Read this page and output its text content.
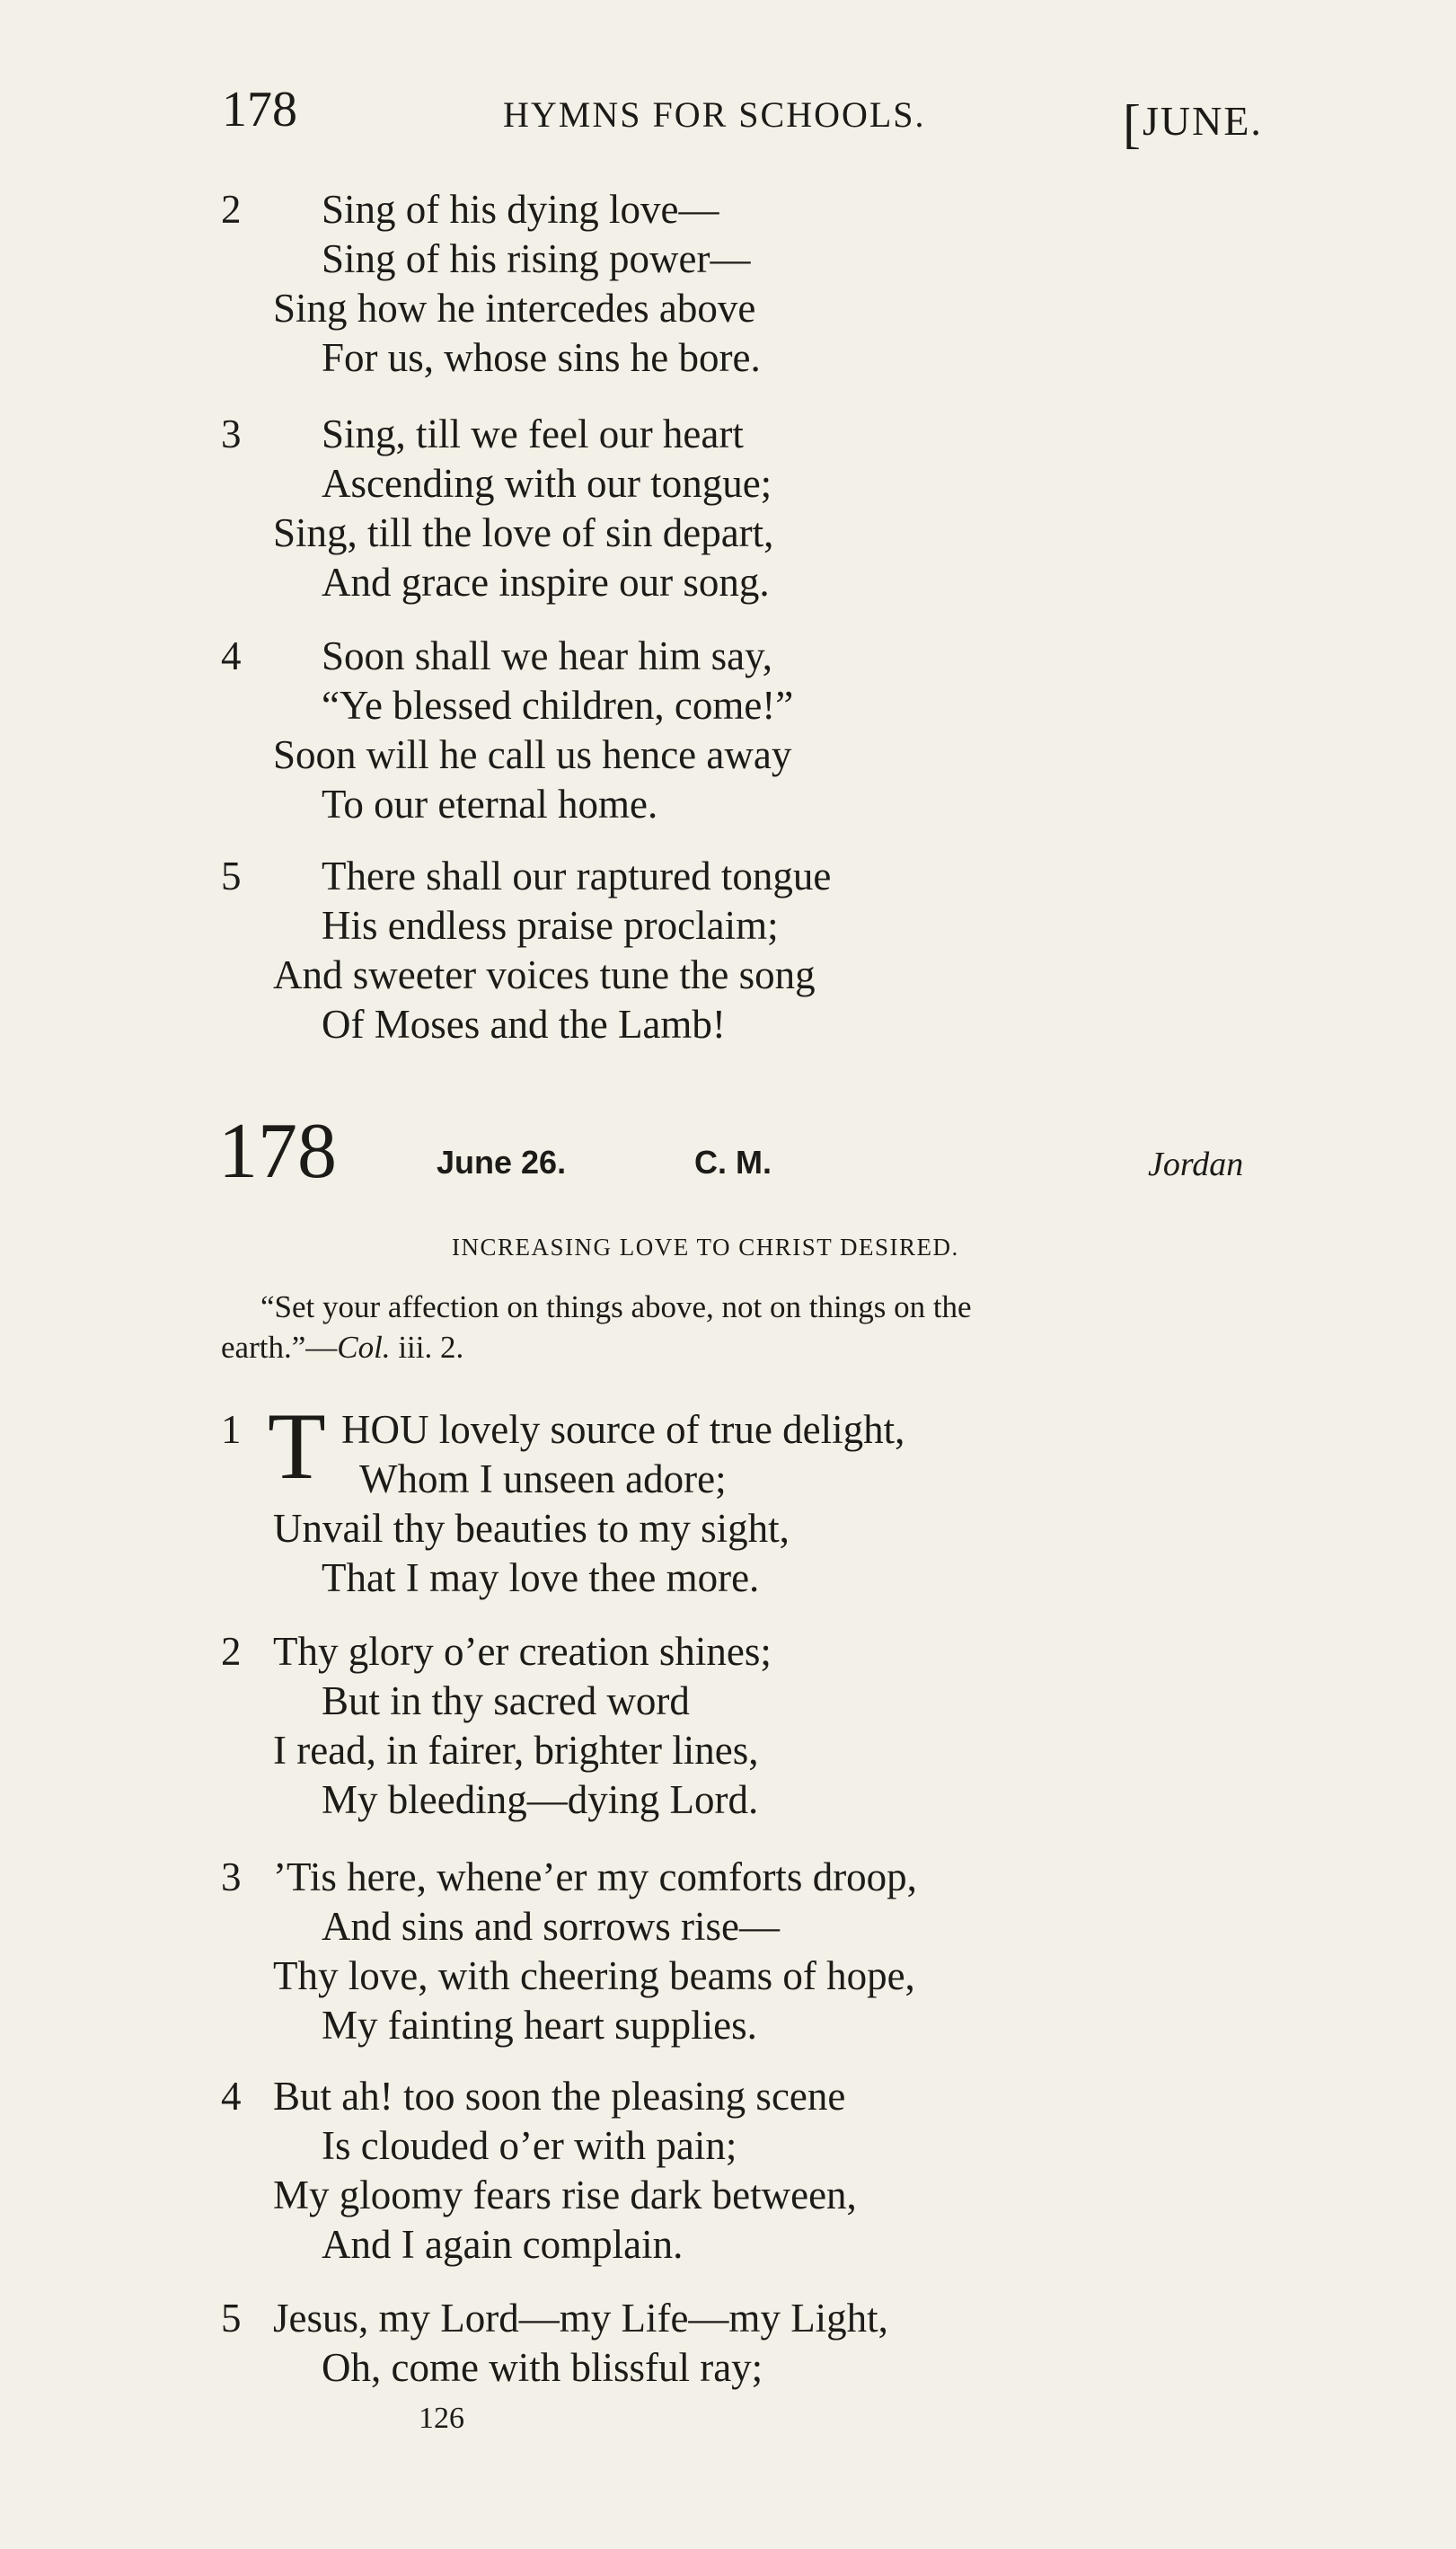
178	HYMNS FOR SCHOOLS.	[JUNE.
2 Sing of his dying love—
Sing of his rising power—
Sing how he intercedes above
For us, whose sins he bore.
3 Sing, till we feel our heart
Ascending with our tongue;
Sing, till the love of sin depart,
And grace inspire our song.
4 Soon shall we hear him say,
“Ye blessed children, come!”
Soon will he call us hence away
To our eternal home.
5 There shall our raptured tongue
His endless praise proclaim;
And sweeter voices tune the song
Of Moses and the Lamb!
178	June 26.	C. M.	Jordan
INCREASING LOVE TO CHRIST DESIRED.
“Set your affection on things above, not on things on the
earth.”—Col. iii. 2.
1 T HOU lovely source of true delight,
Whom I unseen adore;
Unvail thy beauties to my sight,
That I may love thee more.
2 Thy glory o’er creation shines;
But in thy sacred word
I read, in fairer, brighter lines,
My bleeding—dying Lord.
3 ’Tis here, whene’er my comforts droop,
And sins and sorrows rise—
Thy love, with cheering beams of hope,
My fainting heart supplies.
4 But ah! too soon the pleasing scene
Is clouded o’er with pain;
My gloomy fears rise dark between,
And I again complain.
5 Jesus, my Lord—my Life—my Light,
Oh, come with blissful ray;
126
